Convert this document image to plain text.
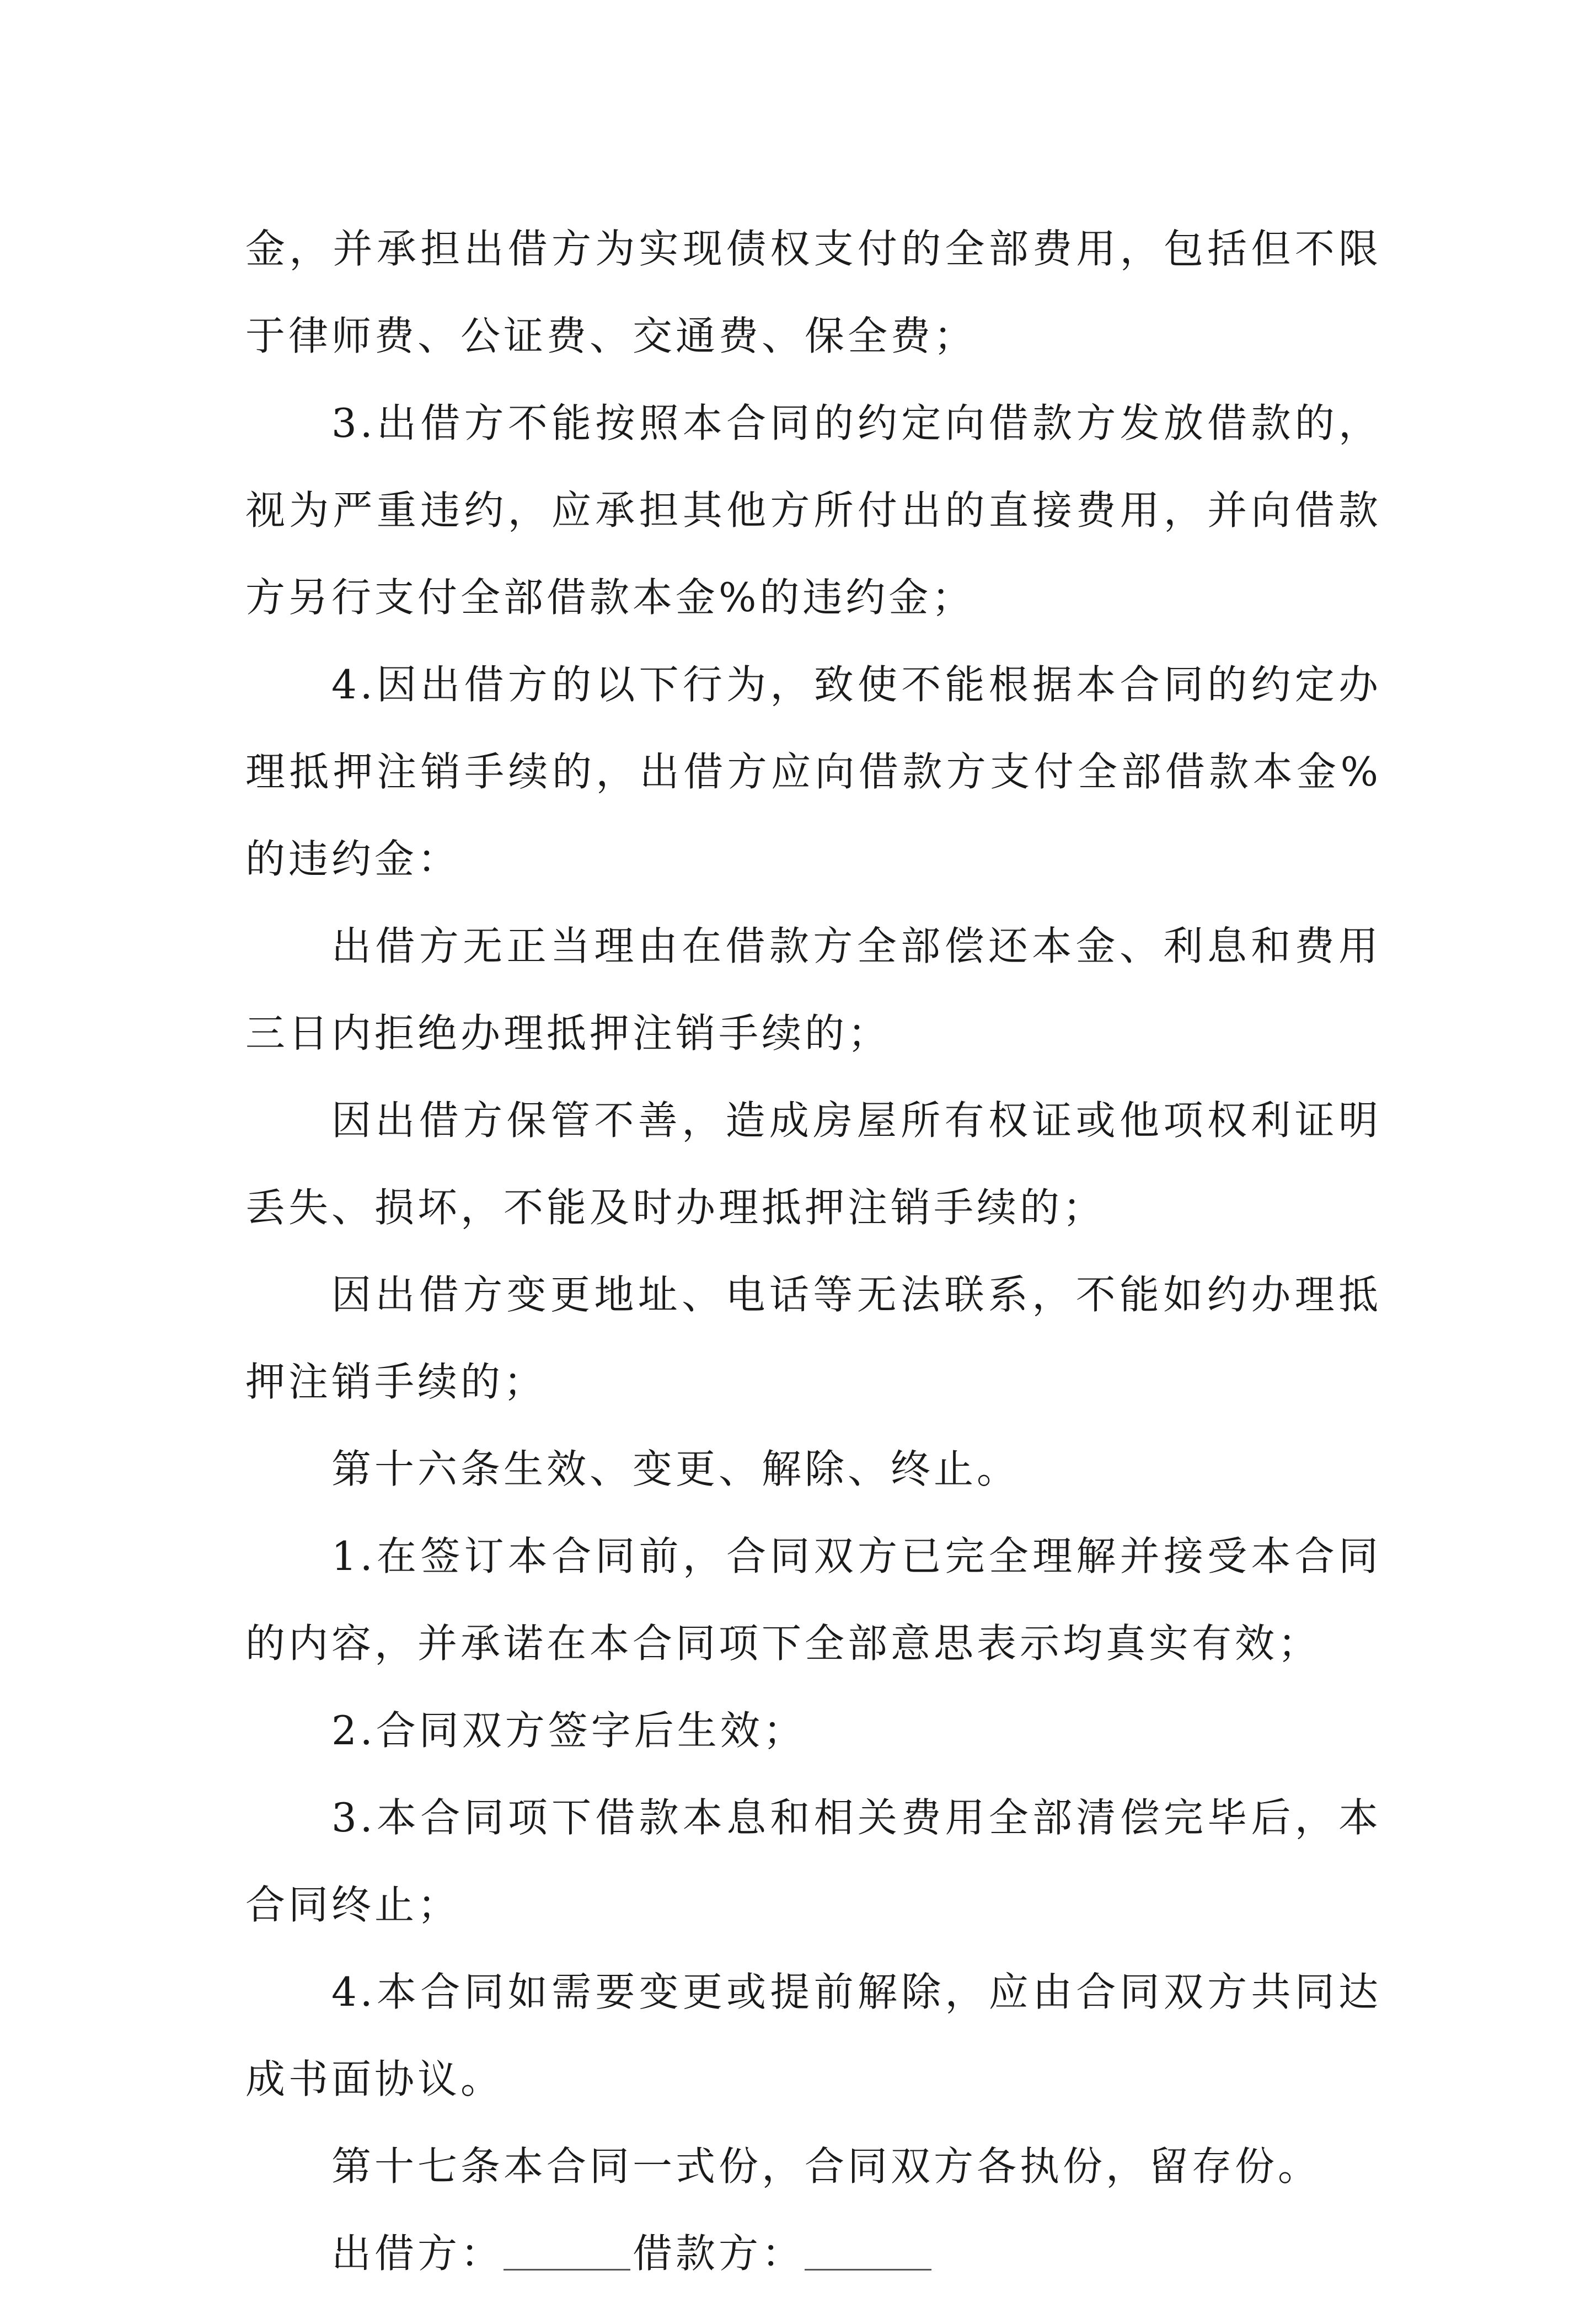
金，并承担出借方为实现债权支付的全部费用，包括但不限于律师费、公证费、交通费、保全费；

3.出借方不能按照本合同的约定向借款方发放借款的，视为严重违约，应承担其他方所付出的直接费用，并向借款方另行支付全部借款本金%的违约金；

4.因出借方的以下行为，致使不能根据本合同的约定办理抵押注销手续的，出借方应向借款方支付全部借款本金%的违约金：

出借方无正当理由在借款方全部偿还本金、利息和费用三日内拒绝办理抵押注销手续的；

因出借方保管不善，造成房屋所有权证或他项权利证明丢失、损坏，不能及时办理抵押注销手续的；

因出借方变更地址、电话等无法联系，不能如约办理抵押注销手续的；

第十六条生效、变更、解除、终止。

1.在签订本合同前，合同双方已完全理解并接受本合同的内容，并承诺在本合同项下全部意思表示均真实有效；

2.合同双方签字后生效；

3.本合同项下借款本息和相关费用全部清偿完毕后，本合同终止；

4.本合同如需要变更或提前解除，应由合同双方共同达成书面协议。

第十七条本合同一式份，合同双方各执份，留存份。

出借方：	借款方：
